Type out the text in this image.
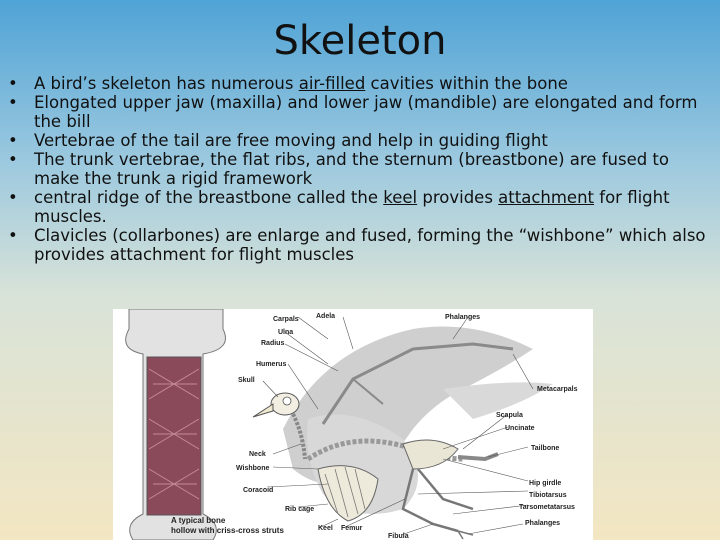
Skeleton
• A bird’s skeleton has numerous air-filled cavities within the bone
• Elongated upper jaw (maxilla) and lower jaw (mandible) are elongated and form the bill
• Vertebrae of the tail are free moving and help in guiding flight
• The trunk vertebrae, the flat ribs, and the sternum (breastbone) are fused to make the trunk a rigid framework
• central ridge of the breastbone called the keel provides attachment for flight muscles.
• Clavicles (collarbones) are enlarge and fused, forming the “wishbone” which also provides attachment for flight muscles
A typical bone
hollow with criss-cross struts
Carpals Adela	Phalanges
Ulna
Radius
Humerus
Skull
Metacarpals
Scapula
Uncinate
Tailbone
Neck
Wishbone
Hip girdle
Tibiotarsus
Coracoid
Tarsometatarsus
Rib cage
Phalanges
Keel Femur
Fibula
